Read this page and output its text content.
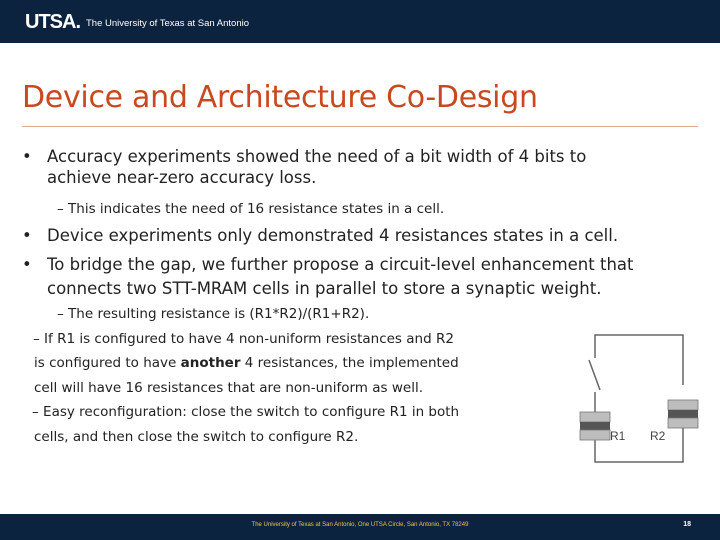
UTSA. The University of Texas at San Antonio
Device and Architecture Co-Design
• Accuracy experiments showed the need of a bit width of 4 bits to
achieve near-zero accuracy loss.
– This indicates the need of 16 resistance states in a cell.
• Device experiments only demonstrated 4 resistances states in a cell.
• To bridge the gap, we further propose a circuit-level enhancement that
connects two STT-MRAM cells in parallel to store a synaptic weight.
– The resulting resistance is (R1*R2)/(R1+R2).
– If R1 is configured to have 4 non-uniform resistances and R2
is configured to have another 4 resistances, the implemented
cell will have 16 resistances that are non-uniform as well.
– Easy reconfiguration: close the switch to configure R1 in both
cells, and then close the switch to configure R2.	R1 R2
The University of Texas at San Antonio, One UTSA Circle, San Antonio, TX 78249	18
